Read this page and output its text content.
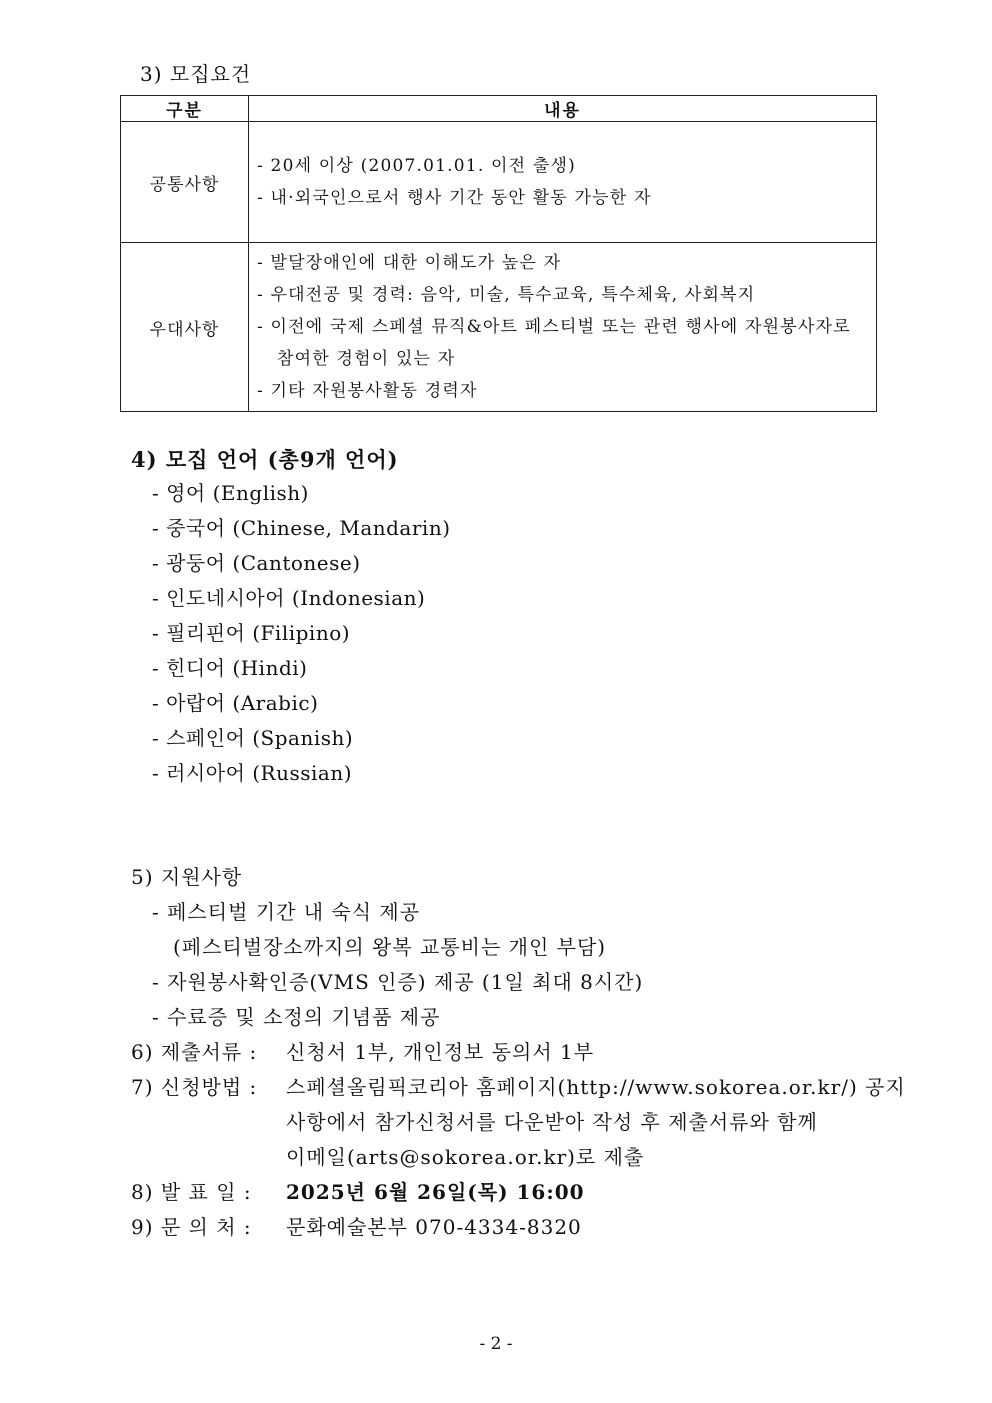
3) 모집요건
구분	내용
공통사항	- 20세 이상 (2007.01.01. 이전 출생)
- 내·외국인으로서 행사 기간 동안 활동 가능한 자

우대사항	- 발달장애인에 대한 이해도가 높은 자
- 우대전공 및 경력: 음악, 미술, 특수교육, 특수체육, 사회복지
- 이전에 국제 스페셜 뮤직&아트 페스티벌 또는 관련 행사에 자원봉사자로
참여한 경험이 있는 자
- 기타 자원봉사활동 경력자
4) 모집 언어 (총9개 언어)
- 영어 (English)
- 중국어 (Chinese, Mandarin)
- 광둥어 (Cantonese)
- 인도네시아어 (Indonesian)
- 필리핀어 (Filipino)
- 힌디어 (Hindi)
- 아랍어 (Arabic)
- 스페인어 (Spanish)
- 러시아어 (Russian)
5) 지원사항
- 페스티벌 기간 내 숙식 제공
(페스티벌장소까지의 왕복 교통비는 개인 부담)
- 자원봉사확인증(VMS 인증) 제공 (1일 최대 8시간)
- 수료증 및 소정의 기념품 제공
6) 제출서류 :	신청서 1부, 개인정보 동의서 1부
7) 신청방법 :	스페셜올림픽코리아 홈페이지(http://www.sokorea.or.kr/) 공지
사항에서 참가신청서를 다운받아 작성 후 제출서류와 함께
이메일(arts@sokorea.or.kr)로 제출
8) 발 표 일 :	2025년 6월 26일(목) 16:00
9) 문 의 처 :	문화예술본부 070-4334-8320
- 2 -
